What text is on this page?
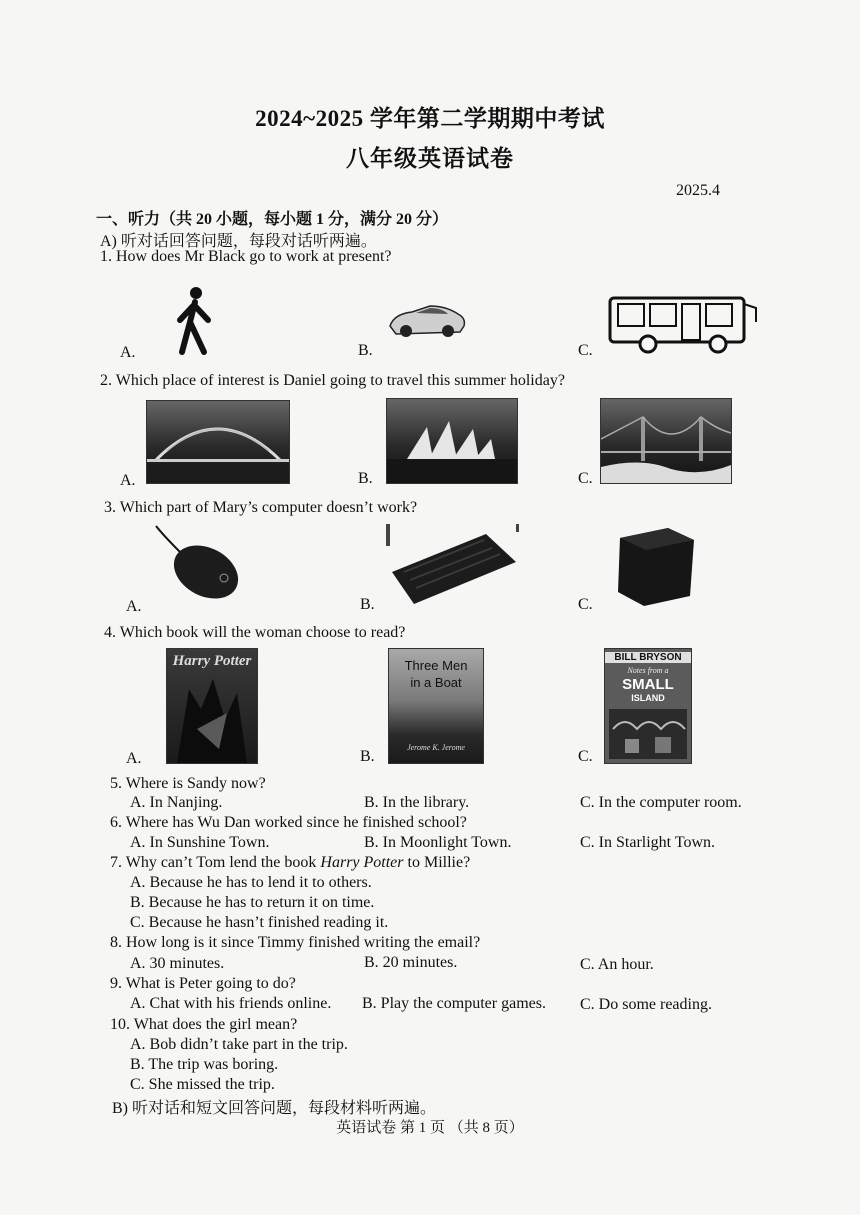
2024~2025 学年第二学期期中考试
八年级英语试卷
2025.4
一、听力（共 20 小题，每小题 1 分，满分 20 分）
A) 听对话回答问题，每段对话听两遍。
1. How does Mr Black go to work at present?
A.	B.	C.
2. Which place of interest is Daniel going to travel this summer holiday?
A.	B.	C.
3. Which part of Mary’s computer doesn’t work?
A.	B.	C.
4. Which book will the woman choose to read?
A.	B.	C.
Harry Potter	Three Men
in a Boat
Jerome K. Jerome
BILL BRYSON
Notes from a
SMALL
ISLAND
5. Where is Sandy now?
A. In Nanjing.	B. In the library.	C. In the computer room.
6. Where has Wu Dan worked since he finished school?
A. In Sunshine Town.	B. In Moonlight Town.	C. In Starlight Town.
7. Why can’t Tom lend the book Harry Potter to Millie?
A. Because he has to lend it to others.
B. Because he has to return it on time.
C. Because he hasn’t finished reading it.
8. How long is it since Timmy finished writing the email?
A. 30 minutes.	B. 20 minutes.	C. An hour.
9. What is Peter going to do?
A. Chat with his friends online. B. Play the computer games. C. Do some reading.
10. What does the girl mean?
A. Bob didn’t take part in the trip.
B. The trip was boring.
C. She missed the trip.
B) 听对话和短文回答问题，每段材料听两遍。
英语试卷 第 1 页 （共 8 页）
